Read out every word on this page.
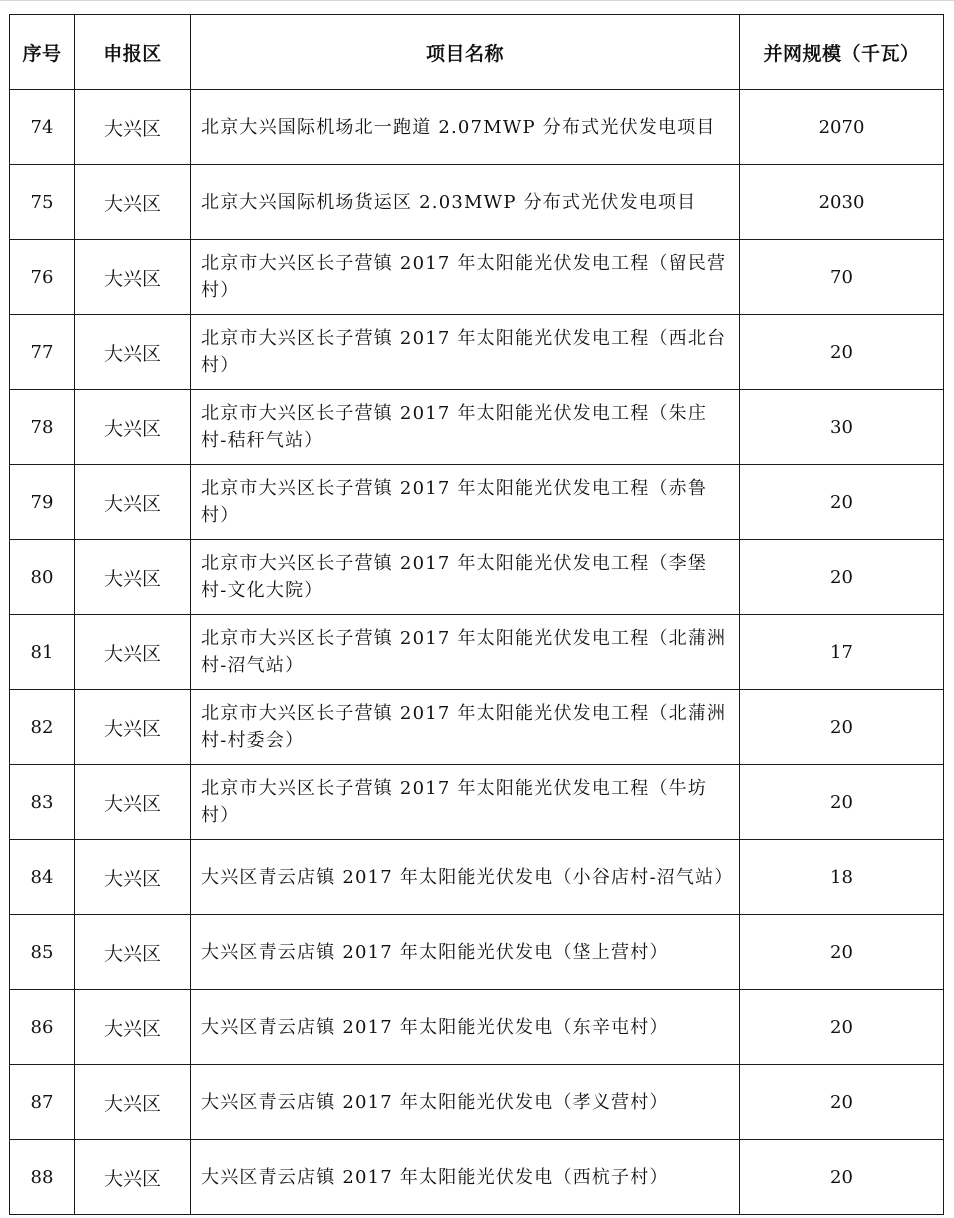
序号	申报区	项目名称	并网规模（千瓦）
74	大兴区	北京大兴国际机场北一跑道 2.07MWP 分布式光伏发电项目	2070
75	大兴区	北京大兴国际机场货运区 2.03MWP 分布式光伏发电项目	2030
76	大兴区	北京市大兴区长子营镇 2017 年太阳能光伏发电工程（留民营村）	70
77	大兴区	北京市大兴区长子营镇 2017 年太阳能光伏发电工程（西北台村）	20
78	大兴区	北京市大兴区长子营镇 2017 年太阳能光伏发电工程（朱庄村-秸秆气站）	30
79	大兴区	北京市大兴区长子营镇 2017 年太阳能光伏发电工程（赤鲁村）	20
80	大兴区	北京市大兴区长子营镇 2017 年太阳能光伏发电工程（李堡村-文化大院）	20
81	大兴区	北京市大兴区长子营镇 2017 年太阳能光伏发电工程（北蒲洲村-沼气站）	17
82	大兴区	北京市大兴区长子营镇 2017 年太阳能光伏发电工程（北蒲洲村-村委会）	20
83	大兴区	北京市大兴区长子营镇 2017 年太阳能光伏发电工程（牛坊村）	20
84	大兴区	大兴区青云店镇 2017 年太阳能光伏发电（小谷店村-沼气站）	18
85	大兴区	大兴区青云店镇 2017 年太阳能光伏发电（垡上营村）	20
86	大兴区	大兴区青云店镇 2017 年太阳能光伏发电（东辛屯村）	20
87	大兴区	大兴区青云店镇 2017 年太阳能光伏发电（孝义营村）	20
88	大兴区	大兴区青云店镇 2017 年太阳能光伏发电（西杭子村）	20
